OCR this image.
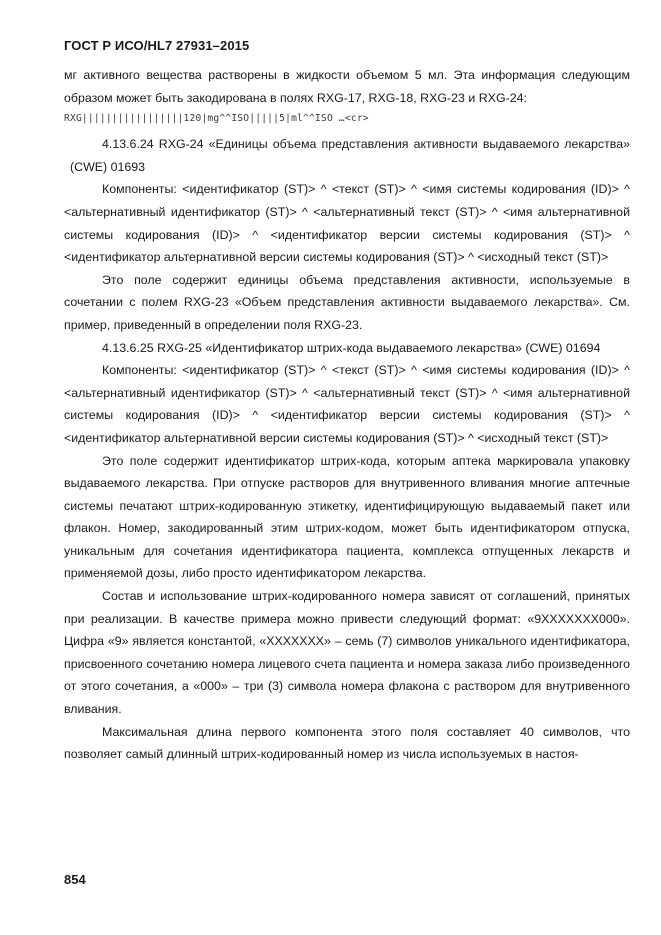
ГОСТ Р ИСО/HL7 27931–2015

мг активного вещества растворены в жидкости объемом 5 мл. Эта информация следующим образом может быть закодирована в полях RXG-17, RXG-18, RXG-23 и RXG-24:

RXG|||||||||||||||||120|mg^^ISO|||||5|ml^^ISO …<cr>

4.13.6.24 RXG-24 «Единицы объема представления активности выдаваемого лекарства» (CWE) 01693

Компоненты: <идентификатор (ST)> ^ <текст (ST)> ^ <имя системы кодирования (ID)> ^ <альтернативный идентификатор (ST)> ^ <альтернативный текст (ST)> ^ <имя альтернативной системы кодирования (ID)> ^ <идентификатор версии системы кодирования (ST)> ^ <идентификатор альтернативной версии системы кодирования (ST)> ^ <исходный текст (ST)>

Это поле содержит единицы объема представления активности, используемые в сочетании с полем RXG-23 «Объем представления активности выдаваемого лекарства». См. пример, приведенный в определении поля RXG-23.

4.13.6.25 RXG-25 «Идентификатор штрих-кода выдаваемого лекарства» (CWE) 01694

Компоненты: <идентификатор (ST)> ^ <текст (ST)> ^ <имя системы кодирования (ID)> ^ <альтернативный идентификатор (ST)> ^ <альтернативный текст (ST)> ^ <имя альтернативной системы кодирования (ID)> ^ <идентификатор версии системы кодирования (ST)> ^ <идентификатор альтернативной версии системы кодирования (ST)> ^ <исходный текст (ST)>

Это поле содержит идентификатор штрих-кода, которым аптека маркировала упаковку выдаваемого лекарства. При отпуске растворов для внутривенного вливания многие аптечные системы печатают штрих-кодированную этикетку, идентифицирующую выдаваемый пакет или флакон. Номер, закодированный этим штрих-кодом, может быть идентификатором отпуска, уникальным для сочетания идентификатора пациента, комплекса отпущенных лекарств и применяемой дозы, либо просто идентификатором лекарства.

Состав и использование штрих-кодированного номера зависят от соглашений, принятых при реализации. В качестве примера можно привести следующий формат: «9XXXXXXX000». Цифра «9» является константой, «XXXXXXX» – семь (7) символов уникального идентификатора, присвоенного сочетанию номера лицевого счета пациента и номера заказа либо произведенного от этого сочетания, а «000» – три (3) символа номера флакона с раствором для внутривенного вливания.

Максимальная длина первого компонента этого поля составляет 40 символов, что позволяет самый длинный штрих-кодированный номер из числа используемых в настоя-

854
